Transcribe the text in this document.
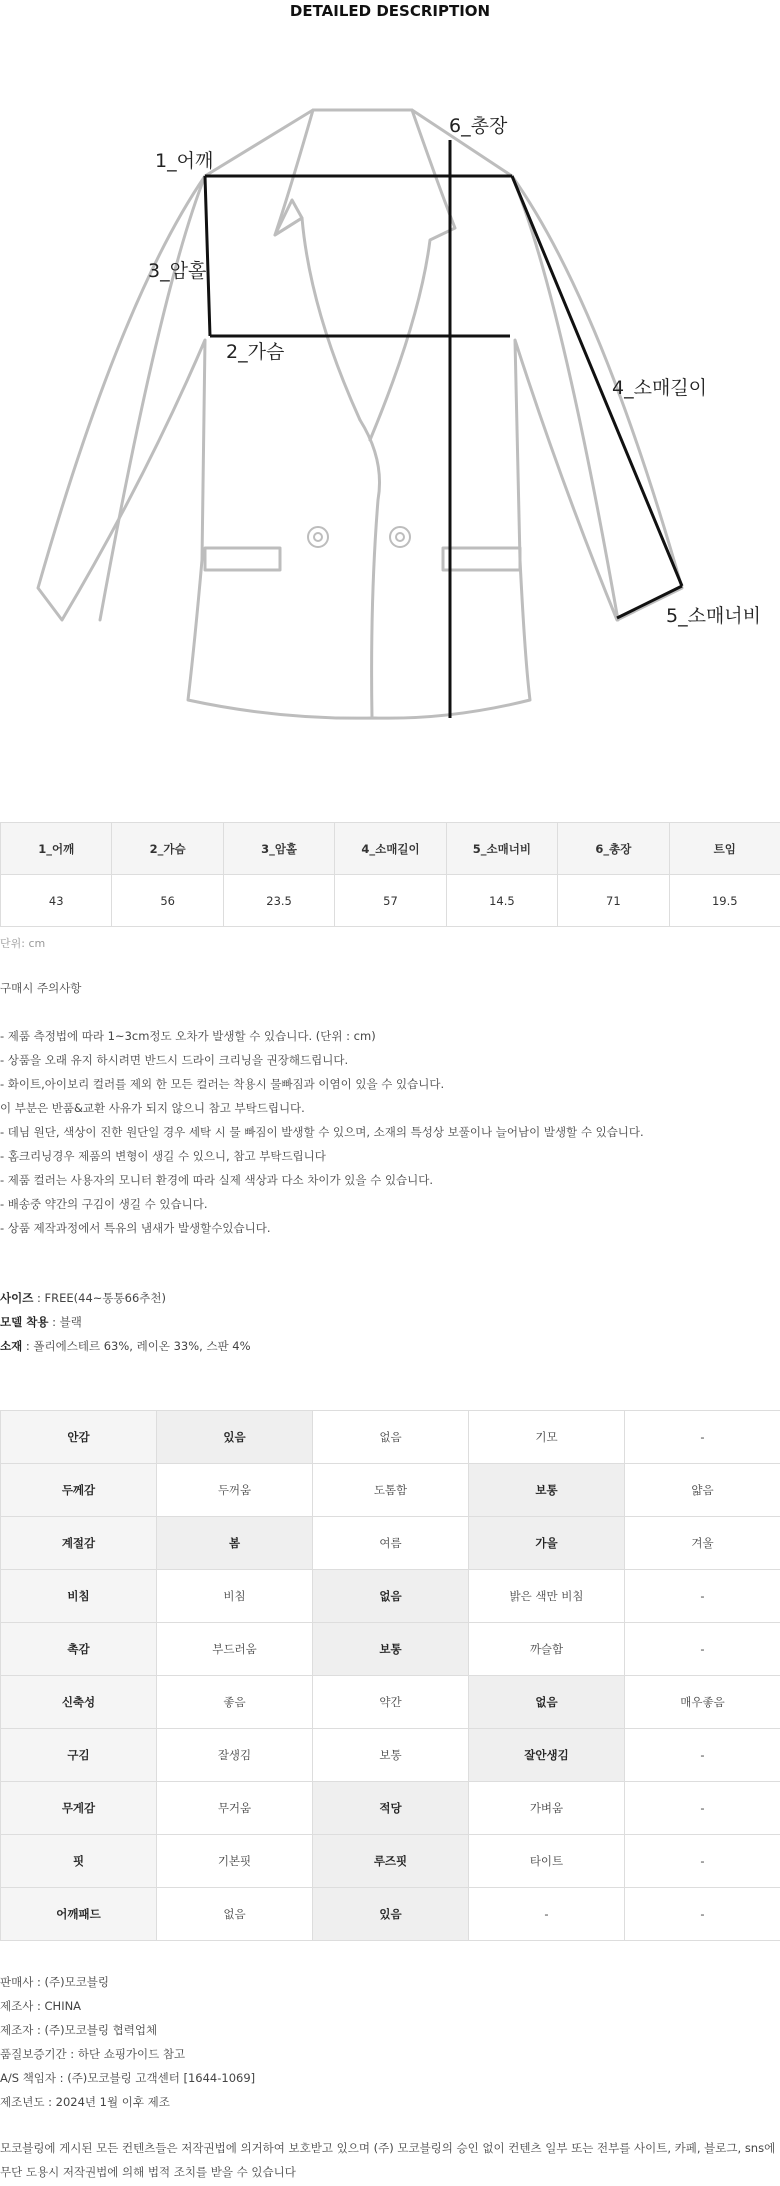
DETAILED DESCRIPTION
1_어깨
3_암홀
2_가슴
4_소매길이
5_소매너비
6_총장
1_어깨	2_가슴	3_암홀	4_소매길이	5_소매너비	6_총장	트임
43	56	23.5	57	14.5	71	19.5
단위: cm

구매시 주의사항

- 제품 측정법에 따라 1~3cm정도 오차가 발생할 수 있습니다. (단위 : cm)

- 상품을 오래 유지 하시려면 반드시 드라이 크리닝을 권장해드립니다.

- 화이트,아이보리 컬러를 제외 한 모든 컬러는 착용시 물빠짐과 이염이 있을 수 있습니다.

이 부분은 반품&교환 사유가 되지 않으니 참고 부탁드립니다.

- 데님 원단, 색상이 진한 원단일 경우 세탁 시 물 빠짐이 발생할 수 있으며, 소재의 특성상 보풀이나 늘어남이 발생할 수 있습니다.

- 홈크리닝경우 제품의 변형이 생길 수 있으니, 참고 부탁드립니다

- 제품 컬러는 사용자의 모니터 환경에 따라 실제 색상과 다소 차이가 있을 수 있습니다.

- 배송중 약간의 구김이 생길 수 있습니다.

- 상품 제작과정에서 특유의 냄새가 발생할수있습니다.

사이즈 : FREE(44~통통66추천)

모델 착용 : 블랙

소재 : 폴리에스테르 63%, 레이온 33%, 스판 4%

안감	있음	없음	기모	-
두께감	두꺼움	도톰함	보통	얇음
계절감	봄	여름	가을	겨울
비침	비침	없음	밝은 색만 비침	-
촉감	부드러움	보통	까슬함	-
신축성	좋음	약간	없음	매우좋음
구김	잘생김	보통	잘안생김	-
무게감	무거움	적당	가벼움	-
핏	기본핏	루즈핏	타이트	-
어깨패드	없음	있음	-	-

판매사 : (주)모코블링

제조사 : CHINA

제조자 : (주)모코블링 협력업체

품질보증기간 : 하단 쇼핑가이드 참고

A/S 책임자 : (주)모코블링 고객센터 [1644-1069]

제조년도 : 2024년 1월 이후 제조

모코블링에 게시된 모든 컨텐츠들은 저작권법에 의거하여 보호받고 있으며 (주) 모코블링의 승인 없이 컨텐츠 일부 또는 전부를 사이트, 카페, 블로그, sns에

무단 도용시 저작권법에 의해 법적 조치를 받을 수 있습니다
